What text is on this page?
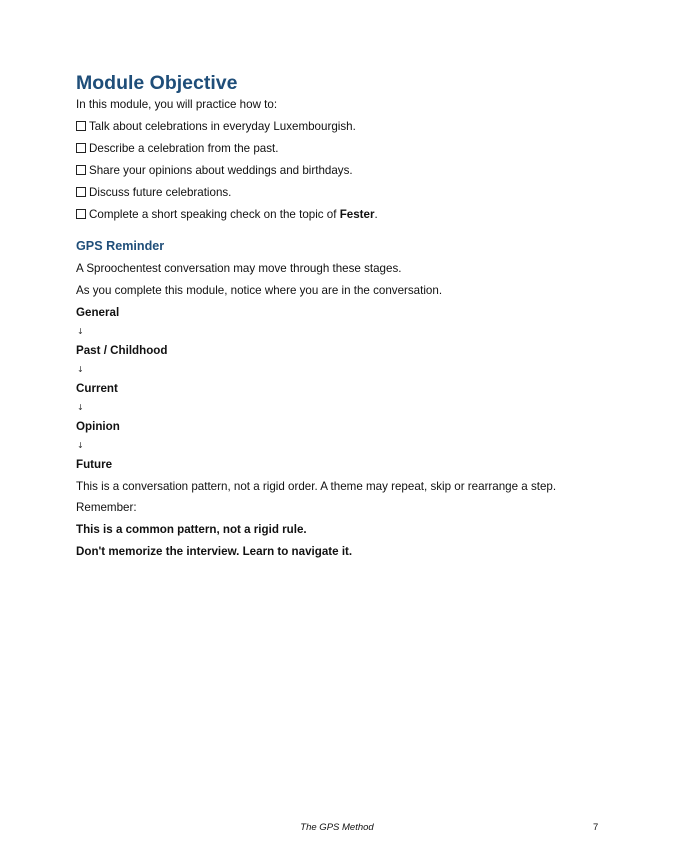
Module Objective

In this module, you will practice how to:

Talk about celebrations in everyday Luxembourgish.

Describe a celebration from the past.

Share your opinions about weddings and birthdays.

Discuss future celebrations.

Complete a short speaking check on the topic of Fester.

GPS Reminder

A Sproochentest conversation may move through these stages.

As you complete this module, notice where you are in the conversation.

General

↓

Past / Childhood

↓

Current

↓

Opinion

↓

Future

This is a conversation pattern, not a rigid order. A theme may repeat, skip or rearrange a step.

Remember:

This is a common pattern, not a rigid rule.

Don't memorize the interview. Learn to navigate it.

The GPS Method	7
